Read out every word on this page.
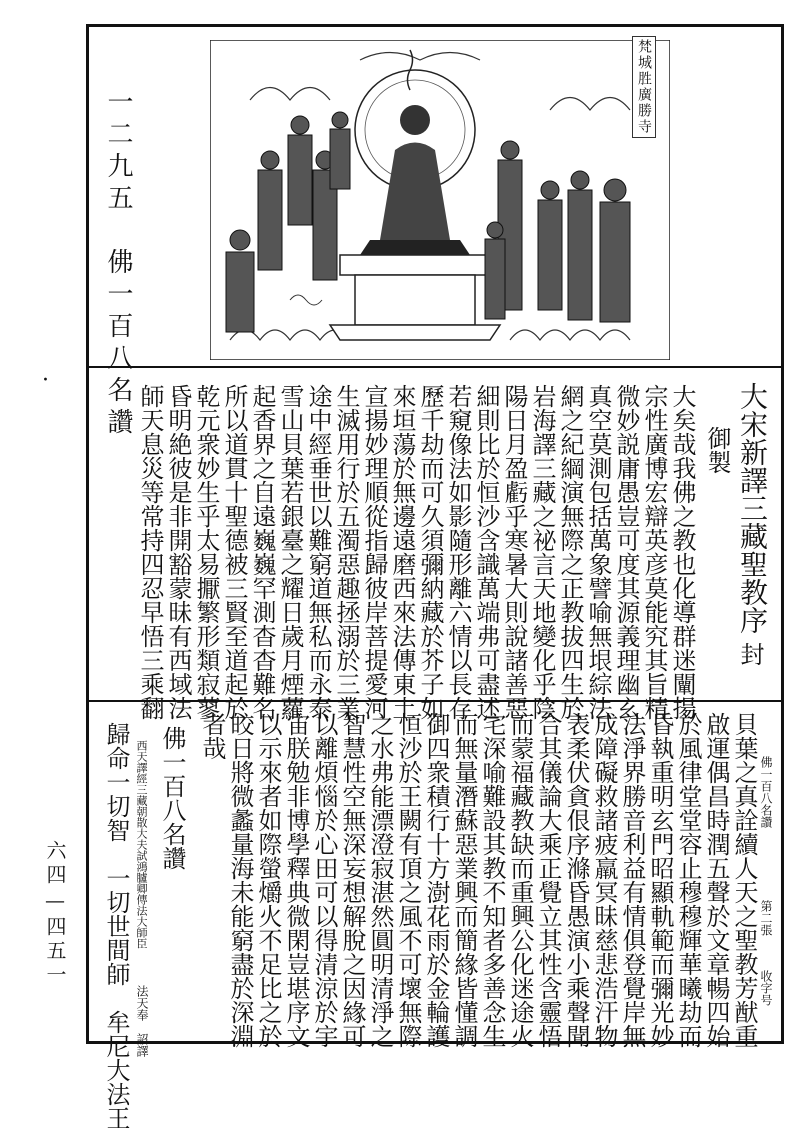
一二九五　佛一百八名讚
·
六四—四五一
梵城胜廣勝寺
大宋新譯三藏聖教序
御製
封
大矣哉我佛之教也化導群迷闡揚
宗性廣博宏辯英彦莫能究其旨精
微妙説庸愚豈可度其源義理幽玄
真空莫測包括萬象譬喻無垠綜法
網之紀綱演無際之正教拔四生於
岩海譯三藏之祕言天地變化乎陰
陽日月盈虧乎寒暑大則說諸善惡
細則比於恒沙含識萬端弗可盡述
若窺像法如影隨形離六情以長存
歷千劫而可久須彌納藏於芥子如
來垣蕩於無邊遠磨西來法傳東土
宣揚妙理順從指歸彼岸菩提愛河
生滅用行於五濁惡趣拯溺於三業
途中經垂世以難窮道無私而永泰
雪山貝葉若銀臺之耀日歲月煙蘿
起香界之自遠巍巍罕測杳杳難名
所以道貫十聖德被三賢至道起於
乾元衆妙生乎太易擫繁形類寂蓼
昏明絶彼是非開豁蒙昧有西域法
師天息災等常持四忍早悟三乘翻
佛一百八名讚
第二張
收字号
貝葉之真詮續人天之聖教芳猷重
啟運偶昌時潤五聲於文章暢四始
於風律堂堂容止穆穆輝華曦劫而
昏執重明玄門昭顯軌範而彌光妙
法淨界勝音利益有情俱登覺岸無
成障礙救諸疲羸冥昧慈悲浩汗物
表柔伏貪佷序滌昏愚演小乘聲聞
合其儀論大乘正覺立其性含靈悟
而蒙福藏教缺而重興公化迷途火
宅深喻難設其教不知者多善念生
而無量潛蘇惡業興而簡緣皆懂調
御四衆積行十方澍花雨於金輪護
恒沙於王闕有頂之風不可壞無際
之水弗能漂澄寂湛然圓明清淨之
智慧性空無深妄想解脫之因緣可
以離煩惱於心田可以得清涼於宇
宙朕勉非博學釋典微閑豈堪序文
以示來者如際螢爝火不足比之於
皎日將微蠡量海未能窮盡於深淵
者哉
佛一百八名讚
西天譯經三藏朝散大夫試鴻臚卿傳法大師臣
法天奉　詔譯
歸命一切智　一切世間師　牟尼大法王
